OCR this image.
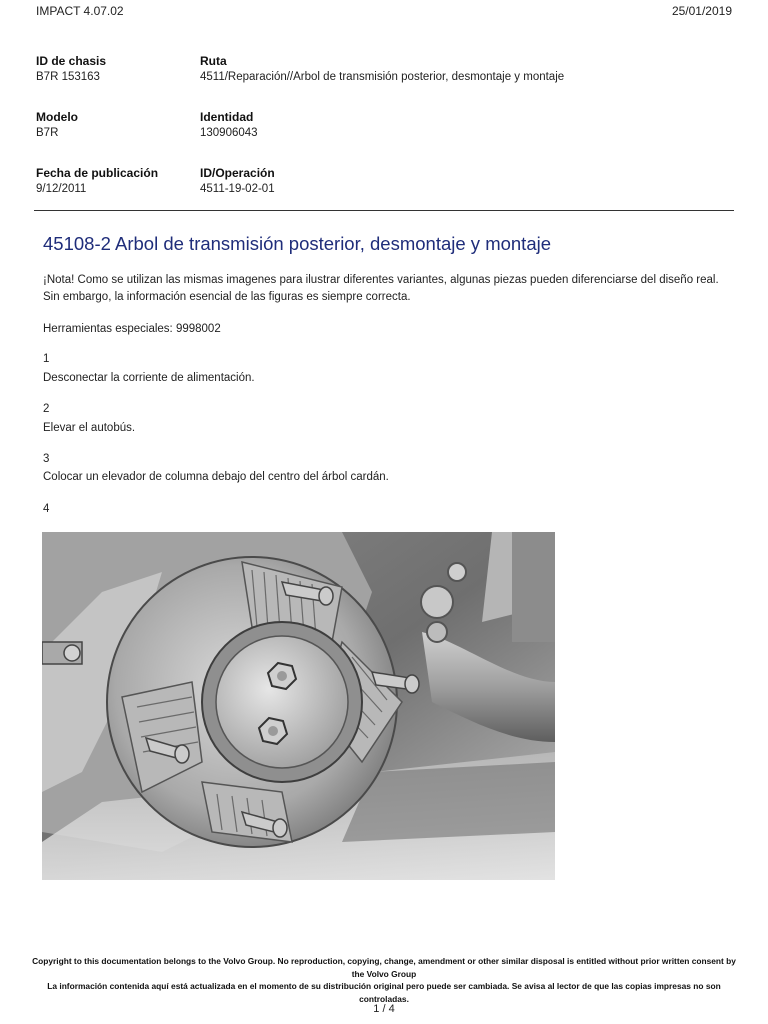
IMPACT 4.07.02	25/01/2019
ID de chasis
B7R 153163
Ruta
4511/Reparación//Arbol de transmisión posterior, desmontaje y montaje
Modelo
B7R
Identidad
130906043
Fecha de publicación
9/12/2011
ID/Operación
4511-19-02-01
45108-2 Arbol de transmisión posterior, desmontaje y montaje
¡Nota! Como se utilizan las mismas imagenes para ilustrar diferentes variantes, algunas piezas pueden diferenciarse del diseño real. Sin embargo, la información esencial de las figuras es siempre correcta.
Herramientas especiales: 9998002
1
Desconectar la corriente de alimentación.
2
Elevar el autobús.
3
Colocar un elevador de columna debajo del centro del árbol cardán.
4
Copyright to this documentation belongs to the Volvo Group. No reproduction, copying, change, amendment or other similar disposal is entitled without prior written consent by the Volvo Group
La información contenida aquí está actualizada en el momento de su distribución original pero puede ser cambiada. Se avisa al lector de que las copias impresas no son controladas.
1 / 4
